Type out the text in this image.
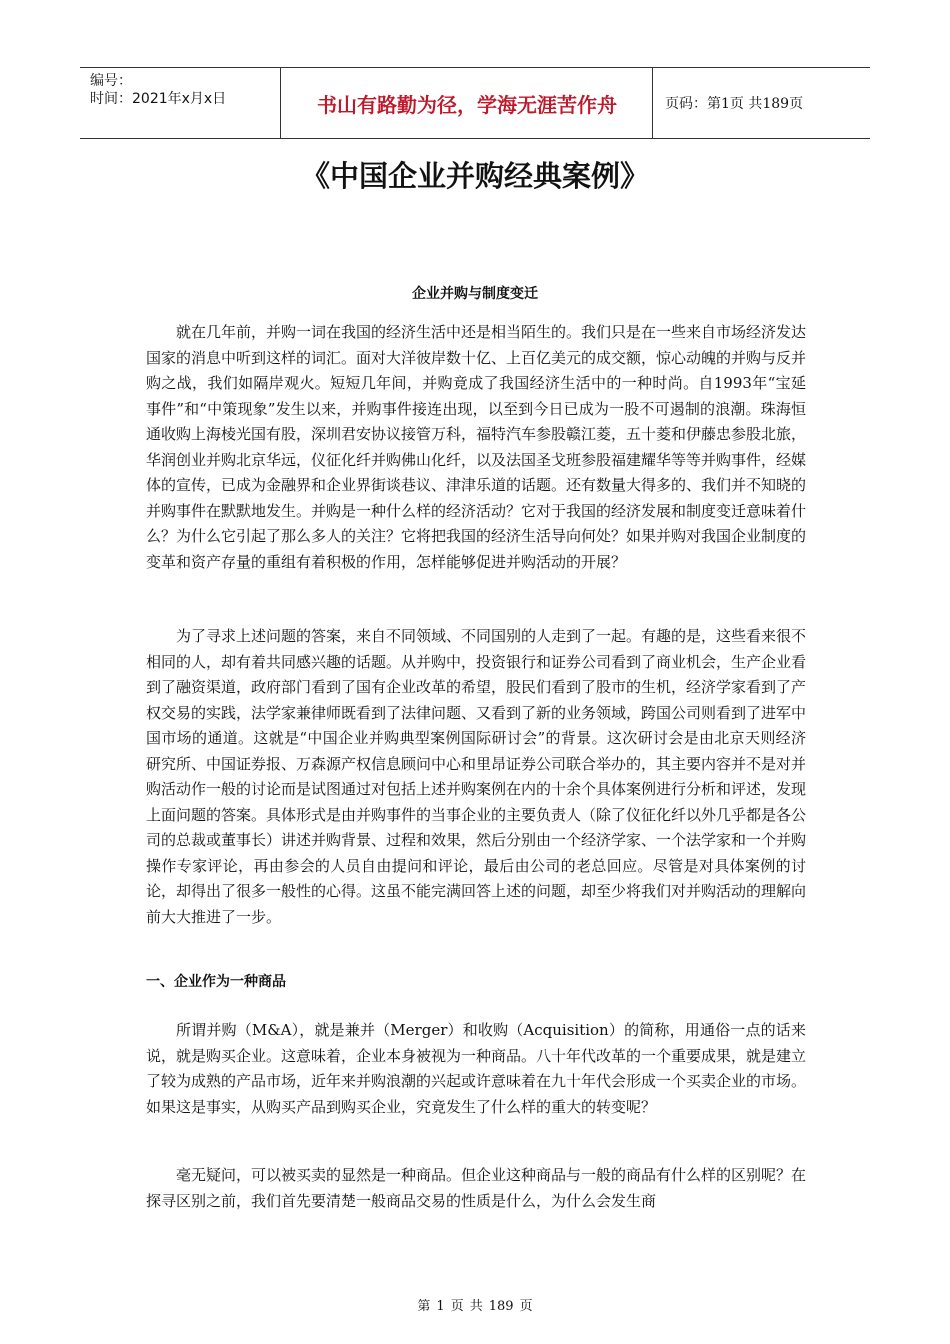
编号：
时间：2021年x月x日	书山有路勤为径，学海无涯苦作舟	页码：第1页 共189页
《中国企业并购经典案例》
企业并购与制度变迁

就在几年前，并购一词在我国的经济生活中还是相当陌生的。我们只是在一些来自市场经济发达国家的消息中听到这样的词汇。面对大洋彼岸数十亿、上百亿美元的成交额，惊心动魄的并购与反并购之战，我们如隔岸观火。短短几年间，并购竟成了我国经济生活中的一种时尚。自1993年“宝延事件”和“中策现象”发生以来，并购事件接连出现，以至到今日已成为一股不可遏制的浪潮。珠海恒通收购上海棱光国有股，深圳君安协议接管万科，福特汽车参股赣江菱，五十菱和伊藤忠参股北旅，华润创业并购北京华远，仪征化纤并购佛山化纤，以及法国圣戈班参股福建耀华等等并购事件，经媒体的宣传，已成为金融界和企业界街谈巷议、津津乐道的话题。还有数量大得多的、我们并不知晓的并购事件在默默地发生。并购是一种什么样的经济活动？它对于我国的经济发展和制度变迁意味着什么？为什么它引起了那么多人的关注？它将把我国的经济生活导向何处？如果并购对我国企业制度的变革和资产存量的重组有着积极的作用，怎样能够促进并购活动的开展？

为了寻求上述问题的答案，来自不同领域、不同国别的人走到了一起。有趣的是，这些看来很不相同的人，却有着共同感兴趣的话题。从并购中，投资银行和证券公司看到了商业机会，生产企业看到了融资渠道，政府部门看到了国有企业改革的希望，股民们看到了股市的生机，经济学家看到了产权交易的实践，法学家兼律师既看到了法律问题、又看到了新的业务领域，跨国公司则看到了进军中国市场的通道。这就是“中国企业并购典型案例国际研讨会”的背景。这次研讨会是由北京天则经济研究所、中国证券报、万森源产权信息顾问中心和里昂证券公司联合举办的，其主要内容并不是对并购活动作一般的讨论而是试图通过对包括上述并购案例在内的十余个具体案例进行分析和评述，发现上面问题的答案。具体形式是由并购事件的当事企业的主要负责人（除了仪征化纤以外几乎都是各公司的总裁或董事长）讲述并购背景、过程和效果，然后分别由一个经济学家、一个法学家和一个并购操作专家评论，再由参会的人员自由提问和评论，最后由公司的老总回应。尽管是对具体案例的讨论，却得出了很多一般性的心得。这虽不能完满回答上述的问题，却至少将我们对并购活动的理解向前大大推进了一步。

一、企业作为一种商品

所谓并购（M&A），就是兼并（Merger）和收购（Acquisition）的简称，用通俗一点的话来说，就是购买企业。这意味着，企业本身被视为一种商品。八十年代改革的一个重要成果，就是建立了较为成熟的产品市场，近年来并购浪潮的兴起或许意味着在九十年代会形成一个买卖企业的市场。如果这是事实，从购买产品到购买企业，究竟发生了什么样的重大的转变呢？

毫无疑问，可以被买卖的显然是一种商品。但企业这种商品与一般的商品有什么样的区别呢？在探寻区别之前，我们首先要清楚一般商品交易的性质是什么，为什么会发生商

第 1 页 共 189 页
